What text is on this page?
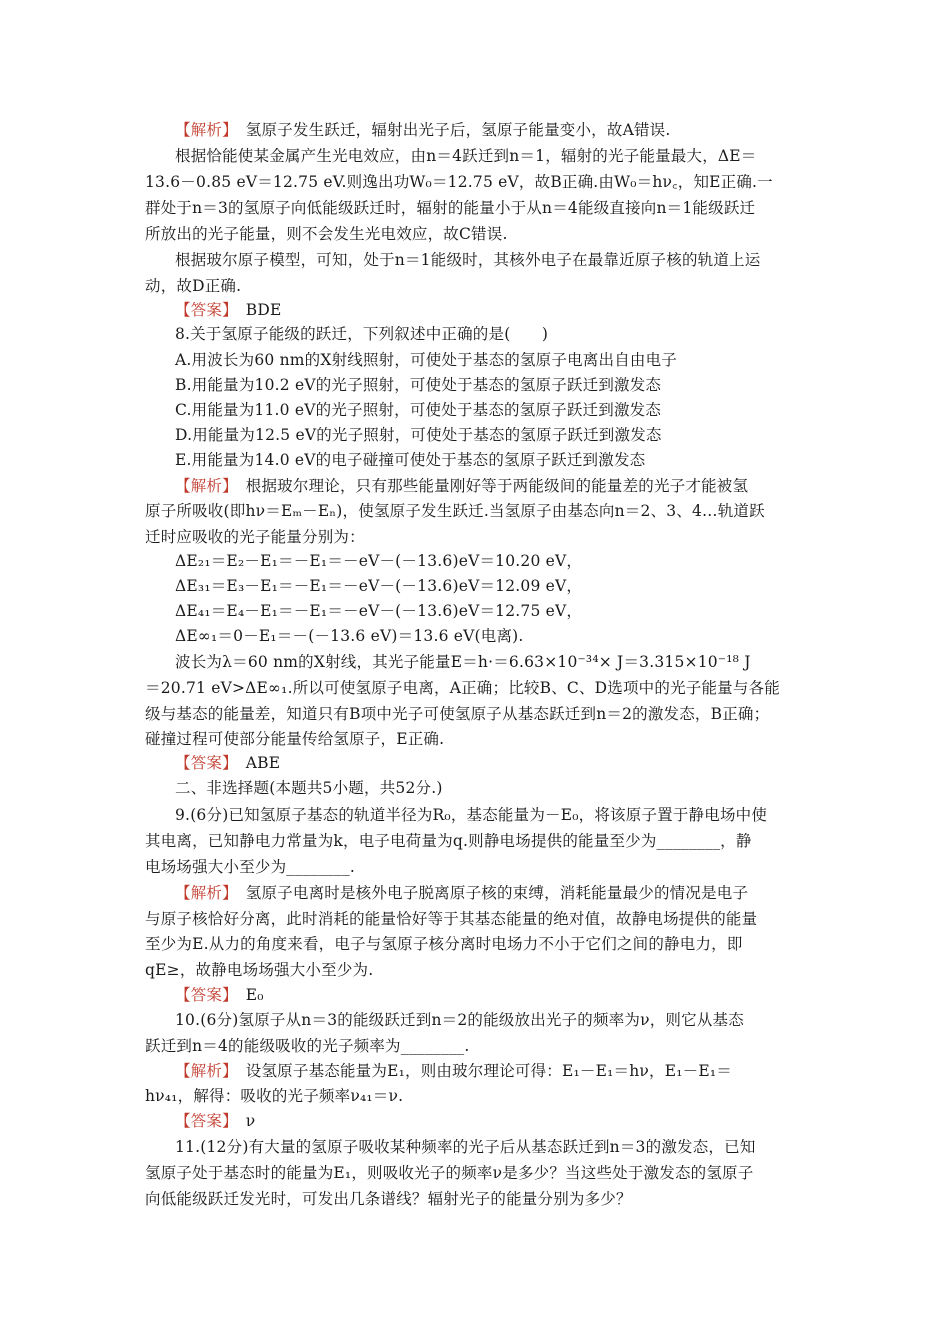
【解析】　氢原子发生跃迁，辐射出光子后，氢原子能量变小，故A错误.
根据恰能使某金属产生光电效应，由n＝4跃迁到n＝1，辐射的光子能量最大，ΔE＝
13.6－0.85 eV＝12.75 eV.则逸出功W₀＝12.75 eV，故B正确.由W₀＝hν꜀，知E正确.一
群处于n＝3的氢原子向低能级跃迁时，辐射的能量小于从n＝4能级直接向n＝1能级跃迁
所放出的光子能量，则不会发生光电效应，故C错误.
根据玻尔原子模型，可知，处于n＝1能级时，其核外电子在最靠近原子核的轨道上运
动，故D正确.
【答案】　BDE
8.关于氢原子能级的跃迁，下列叙述中正确的是(　　)
A.用波长为60 nm的X射线照射，可使处于基态的氢原子电离出自由电子
B.用能量为10.2 eV的光子照射，可使处于基态的氢原子跃迁到激发态
C.用能量为11.0 eV的光子照射，可使处于基态的氢原子跃迁到激发态
D.用能量为12.5 eV的光子照射，可使处于基态的氢原子跃迁到激发态
E.用能量为14.0 eV的电子碰撞可使处于基态的氢原子跃迁到激发态
【解析】　根据玻尔理论，只有那些能量刚好等于两能级间的能量差的光子才能被氢
原子所吸收(即hν＝Eₘ－Eₙ)，使氢原子发生跃迁.当氢原子由基态向n＝2、3、4…轨道跃
迁时应吸收的光子能量分别为：
ΔE₂₁＝E₂－E₁＝－E₁＝－eV－(－13.6)eV＝10.20 eV，
ΔE₃₁＝E₃－E₁＝－E₁＝－eV－(－13.6)eV＝12.09 eV，
ΔE₄₁＝E₄－E₁＝－E₁＝－eV－(－13.6)eV＝12.75 eV，
ΔE∞₁＝0－E₁＝－(－13.6 eV)＝13.6 eV(电离).
波长为λ＝60 nm的X射线，其光子能量E＝h·＝6.63×10⁻³⁴× J＝3.315×10⁻¹⁸ J
＝20.71 eV>ΔE∞₁.所以可使氢原子电离，A正确；比较B、C、D选项中的光子能量与各能
级与基态的能量差，知道只有B项中光子可使氢原子从基态跃迁到n＝2的激发态，B正确；
碰撞过程可使部分能量传给氢原子，E正确.
【答案】　ABE
二、非选择题(本题共5小题，共52分.)
9.(6分)已知氢原子基态的轨道半径为R₀，基态能量为－E₀，将该原子置于静电场中使
其电离，已知静电力常量为k，电子电荷量为q.则静电场提供的能量至少为________，静
电场场强大小至少为________.
【解析】　氢原子电离时是核外电子脱离原子核的束缚，消耗能量最少的情况是电子
与原子核恰好分离，此时消耗的能量恰好等于其基态能量的绝对值，故静电场提供的能量
至少为E.从力的角度来看，电子与氢原子核分离时电场力不小于它们之间的静电力，即
qE≥，故静电场场强大小至少为.
【答案】　E₀
10.(6分)氢原子从n＝3的能级跃迁到n＝2的能级放出光子的频率为ν，则它从基态
跃迁到n＝4的能级吸收的光子频率为________.
【解析】　设氢原子基态能量为E₁，则由玻尔理论可得：E₁－E₁＝hν，E₁－E₁＝
hν₄₁，解得：吸收的光子频率ν₄₁＝ν.
【答案】　ν
11.(12分)有大量的氢原子吸收某种频率的光子后从基态跃迁到n＝3的激发态，已知
氢原子处于基态时的能量为E₁，则吸收光子的频率ν是多少？当这些处于激发态的氢原子
向低能级跃迁发光时，可发出几条谱线？辐射光子的能量分别为多少？
